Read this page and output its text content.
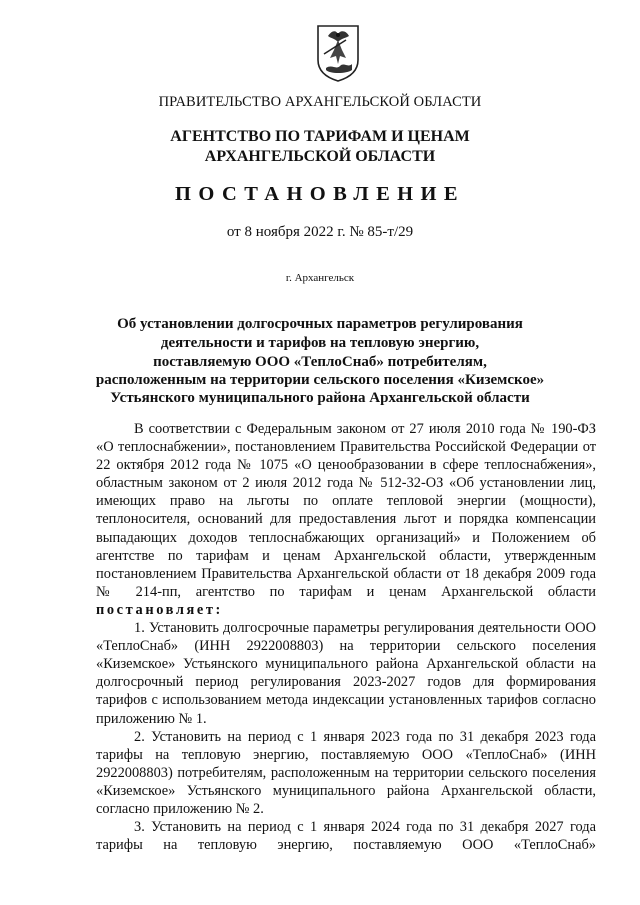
ПРАВИТЕЛЬСТВО АРХАНГЕЛЬСКОЙ ОБЛАСТИ
АГЕНТСТВО ПО ТАРИФАМ И ЦЕНАМ
АРХАНГЕЛЬСКОЙ ОБЛАСТИ
ПОСТАНОВЛЕНИЕ
от 8 ноября 2022 г. № 85-т/29
г. Архангельск
Об установлении долгосрочных параметров регулирования
деятельности и тарифов на тепловую энергию,
поставляемую ООО «ТеплоСнаб» потребителям,
расположенным на территории сельского поселения «Киземское»
Устьянского муниципального района Архангельской области

В соответствии с Федеральным законом от 27 июля 2010 года № 190-ФЗ «О теплоснабжении», постановлением Правительства Российской Федерации от 22 октября 2012 года № 1075 «О ценообразовании в сфере теплоснабжения», областным законом от 2 июля 2012 года № 512-32-ОЗ «Об установлении лиц, имеющих право на льготы по оплате тепловой энергии (мощности), теплоносителя, оснований для предоставления льгот и порядка компенсации выпадающих доходов теплоснабжающих организаций» и Положением об агентстве по тарифам и ценам Архангельской области, утвержденным постановлением Правительства Архангельской области от 18 декабря 2009 года № 214-пп, агентство по тарифам и ценам Архангельской области постановляет:

1. Установить долгосрочные параметры регулирования деятельности ООО «ТеплоСнаб» (ИНН 2922008803) на территории сельского поселения «Киземское» Устьянского муниципального района Архангельской области на долгосрочный период регулирования 2023-2027 годов для формирования тарифов с использованием метода индексации установленных тарифов согласно приложению № 1.

2. Установить на период с 1 января 2023 года по 31 декабря 2023 года тарифы на тепловую энергию, поставляемую ООО «ТеплоСнаб» (ИНН 2922008803) потребителям, расположенным на территории сельского поселения «Киземское» Устьянского муниципального района Архангельской области, согласно приложению № 2.

3. Установить на период с 1 января 2024 года по 31 декабря 2027 года тарифы на тепловую энергию, поставляемую ООО «ТеплоСнаб»
